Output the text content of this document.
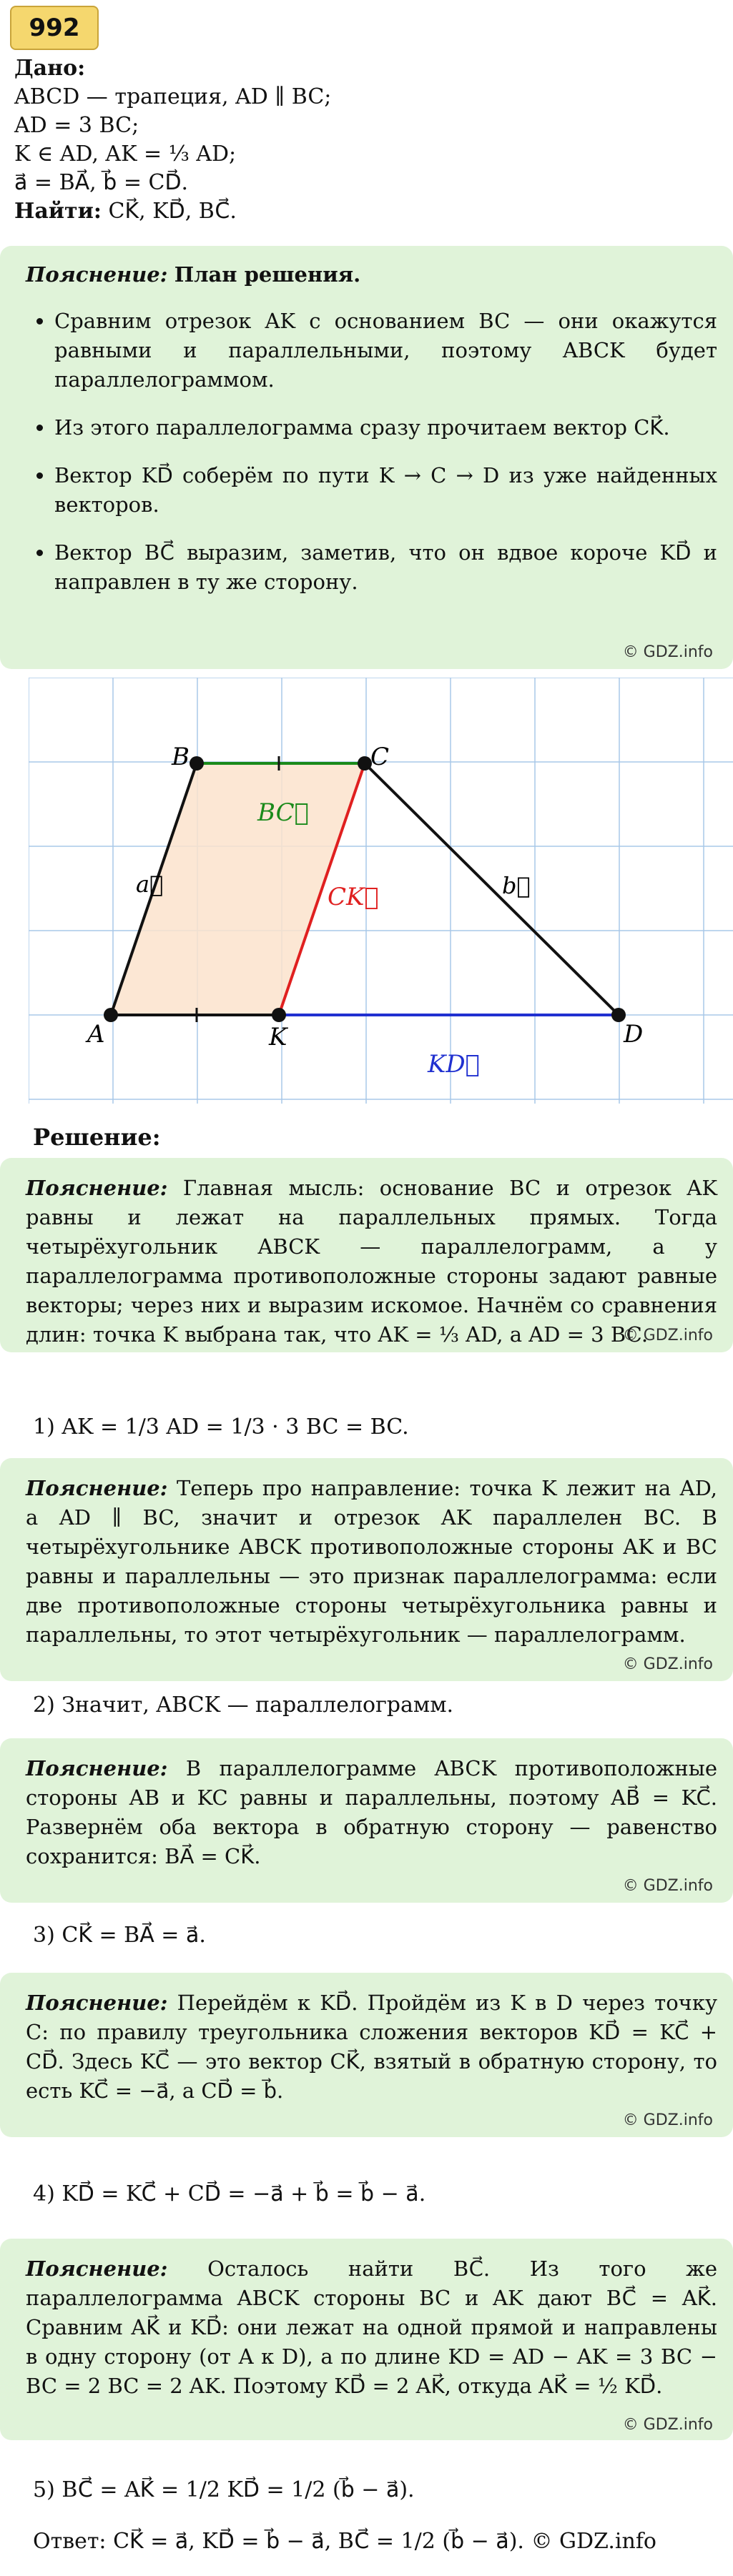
992
Дано:
ABCD — трапеция, AD ∥ BC;
AD = 3 BC;
K ∈ AD, AK = ⅓ AD;
a⃗ = BA⃗, b⃗ = CD⃗.
Найти: CK⃗, KD⃗, BC⃗.

Пояснение: План решения.

• Сравним отрезок AK с основанием BC — они окажутся равными и параллельными, поэтому ABCK будет параллелограммом.
• Из этого параллелограмма сразу прочитаем вектор CK⃗.
• Вектор KD⃗ соберём по пути K → C → D из уже найденных векторов.
• Вектор BC⃗ выразим, заметив, что он вдвое короче KD⃗ и направлен в ту же сторону.
© GDZ.info
A
B	C
D
K
a⃗	b⃗
BC⃗
CK⃗
KD⃗
Решение:
Пояснение: Главная мысль: основание BC и отрезок AK равны и лежат на параллельных прямых. Тогда четырёхугольник ABCK — параллелограмм, а у параллелограмма противоположные стороны задают равные векторы; через них и выразим искомое. Начнём со сравнения длин: точка K выбрана так, что AK = ⅓ AD, а AD = 3 BC.
© GDZ.info
1) AK = 1/3 AD = 1/3 · 3 BC = BC.
Пояснение: Теперь про направление: точка K лежит на AD, а AD ∥ BC, значит и отрезок AK параллелен BC. В четырёхугольнике ABCK противоположные стороны AK и BC равны и параллельны — это признак параллелограмма: если две противоположные стороны четырёхугольника равны и параллельны, то этот четырёхугольник — параллелограмм.
© GDZ.info
2) Значит, ABCK — параллелограмм.
Пояснение: В параллелограмме ABCK противоположные стороны AB и KC равны и параллельны, поэтому AB⃗ = KC⃗. Развернём оба вектора в обратную сторону — равенство сохранится: BA⃗ = CK⃗.
© GDZ.info
3) CK⃗ = BA⃗ = a⃗.
Пояснение: Перейдём к KD⃗. Пройдём из K в D через точку C: по правилу треугольника сложения векторов KD⃗ = KC⃗ + CD⃗. Здесь KC⃗ — это вектор CK⃗, взятый в обратную сторону, то есть KC⃗ = −a⃗, а CD⃗ = b⃗.
© GDZ.info
4) KD⃗ = KC⃗ + CD⃗ = −a⃗ + b⃗ = b⃗ − a⃗.
Пояснение: Осталось найти BC⃗. Из того же параллелограмма ABCK стороны BC и AK дают BC⃗ = AK⃗. Сравним AK⃗ и KD⃗: они лежат на одной прямой и направлены в одну сторону (от A к D), а по длине KD = AD − AK = 3 BC − BC = 2 BC = 2 AK. Поэтому KD⃗ = 2 AK⃗, откуда AK⃗ = ½ KD⃗.
© GDZ.info
5) BC⃗ = AK⃗ = 1/2 KD⃗ = 1/2 (b⃗ − a⃗).
Ответ: CK⃗ = a⃗, KD⃗ = b⃗ − a⃗, BC⃗ = 1/2 (b⃗ − a⃗). © GDZ.info
